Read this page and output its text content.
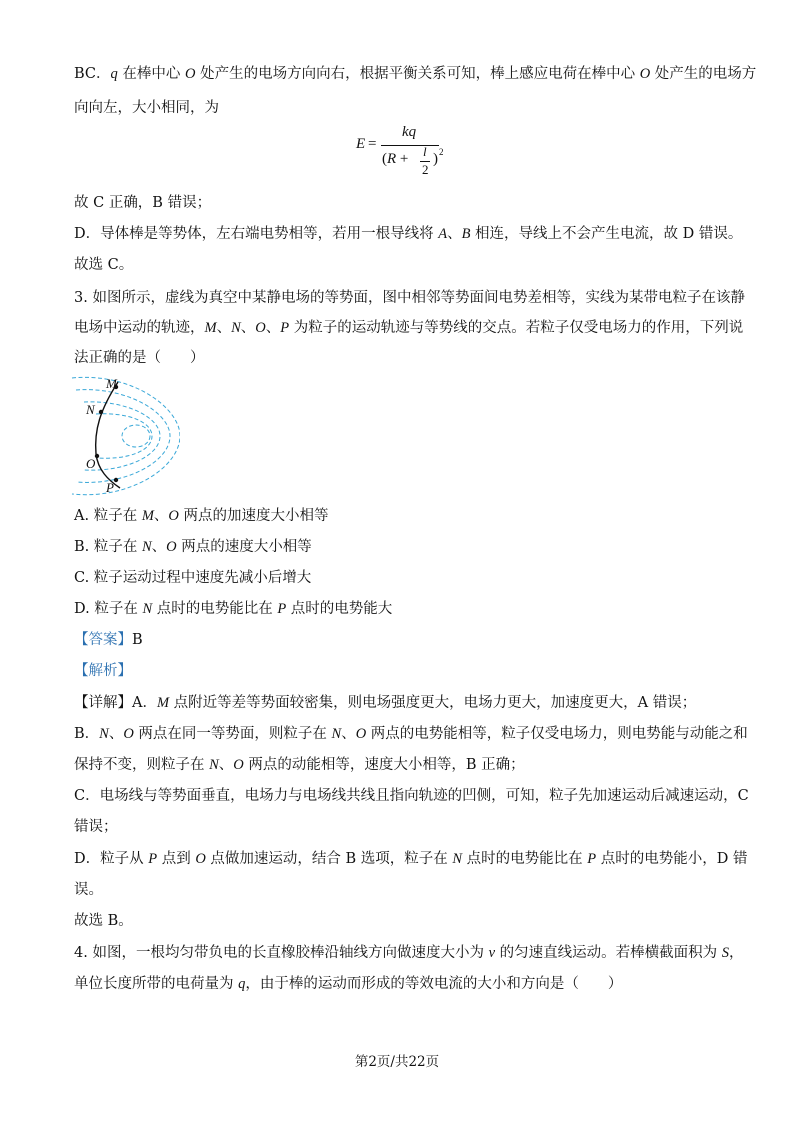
BC．q 在棒中心 O 处产生的电场方向向右，根据平衡关系可知，棒上感应电荷在棒中心 O 处产生的电场方
向向左，大小相同，为
E =
kq
(R + l
2
) 2
故 C 正确，B 错误；
D．导体棒是等势体，左右端电势相等，若用一根导线将 A、B 相连，导线上不会产生电流，故 D 错误。
故选 C。
3. 如图所示，虚线为真空中某静电场的等势面，图中相邻等势面间电势差相等，实线为某带电粒子在该静
电场中运动的轨迹，M、N、O、P 为粒子的运动轨迹与等势线的交点。若粒子仅受电场力的作用，下列说
法正确的是（　　）
M
N
O
P
A. 粒子在 M、O 两点的加速度大小相等
B. 粒子在 N、O 两点的速度大小相等
C. 粒子运动过程中速度先减小后增大
D. 粒子在 N 点时的电势能比在 P 点时的电势能大
【答案】B
【解析】
【详解】A．M 点附近等差等势面较密集，则电场强度更大，电场力更大，加速度更大，A 错误；
B．N、O 两点在同一等势面，则粒子在 N、O 两点的电势能相等，粒子仅受电场力，则电势能与动能之和
保持不变，则粒子在 N、O 两点的动能相等，速度大小相等，B 正确；
C．电场线与等势面垂直，电场力与电场线共线且指向轨迹的凹侧，可知，粒子先加速运动后减速运动，C
错误；
D．粒子从 P 点到 O 点做加速运动，结合 B 选项，粒子在 N 点时的电势能比在 P 点时的电势能小，D 错
误。
故选 B。
4. 如图，一根均匀带负电的长直橡胶棒沿轴线方向做速度大小为 v 的匀速直线运动。若棒横截面积为 S，
单位长度所带的电荷量为 q，由于棒的运动而形成的等效电流的大小和方向是（　　）
第2页/共22页
